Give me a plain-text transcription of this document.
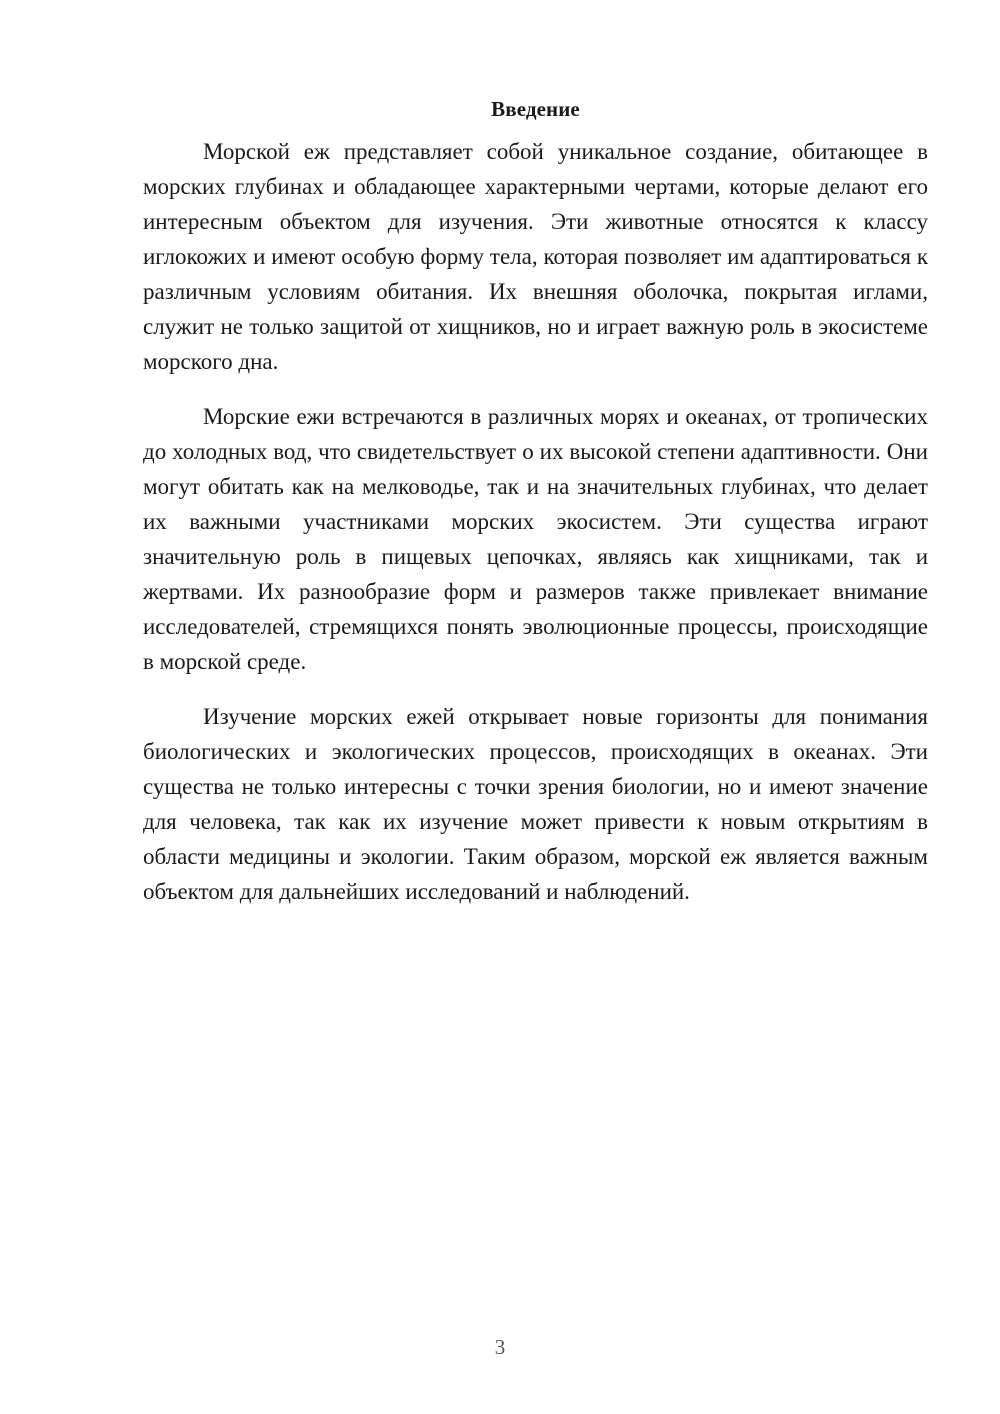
Введение

Морской еж представляет собой уникальное создание, обитающее в морских глубинах и обладающее характерными чертами, которые делают его интересным объектом для изучения. Эти животные относятся к классу иглокожих и имеют особую форму тела, которая позволяет им адаптироваться к различным условиям обитания. Их внешняя оболочка, покрытая иглами, служит не только защитой от хищников, но и играет важную роль в экосистеме морского дна.

Морские ежи встречаются в различных морях и океанах, от тропических до холодных вод, что свидетельствует о их высокой степени адаптивности. Они могут обитать как на мелководье, так и на значительных глубинах, что делает их важными участниками морских экосистем. Эти существа играют значительную роль в пищевых цепочках, являясь как хищниками, так и жертвами. Их разнообразие форм и размеров также привлекает внимание исследователей, стремящихся понять эволюционные процессы, происходящие в морской среде.

Изучение морских ежей открывает новые горизонты для понимания биологических и экологических процессов, происходящих в океанах. Эти существа не только интересны с точки зрения биологии, но и имеют значение для человека, так как их изучение может привести к новым открытиям в области медицины и экологии. Таким образом, морской еж является важным объектом для дальнейших исследований и наблюдений.

3
